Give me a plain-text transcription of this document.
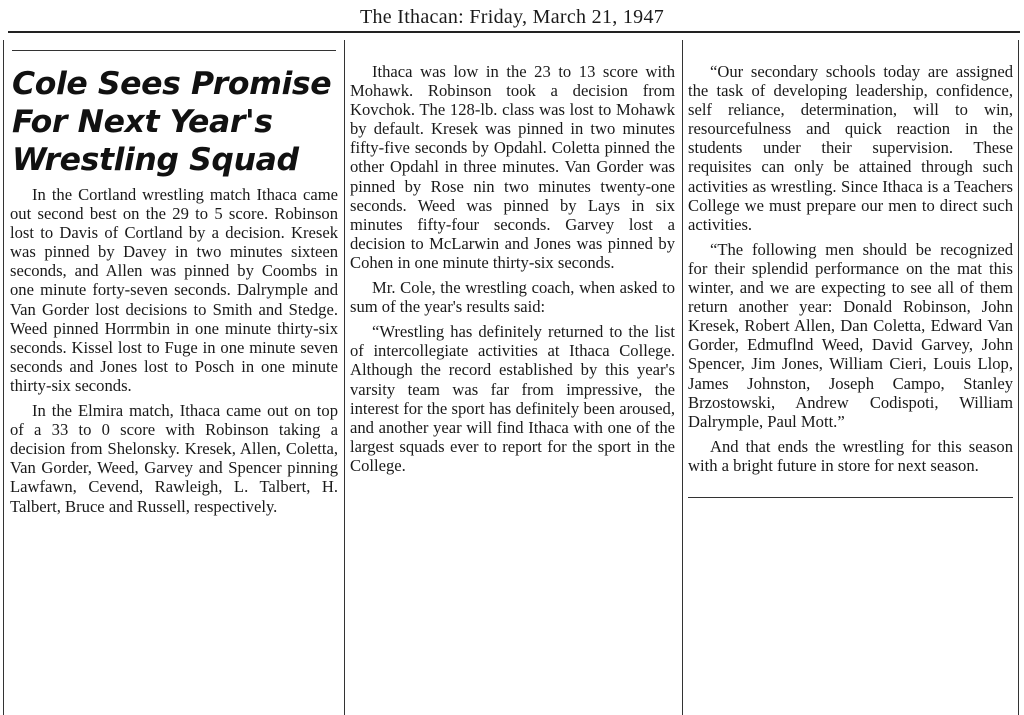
The Ithacan: Friday, March 21, 1947
Cole Sees Promise
For Next Year's
Wrestling Squad

In the Cortland wrestling match Ithaca came out second best on the 29 to 5 score. Robinson lost to Davis of Cortland by a decision. Kresek was pinned by Davey in two minutes sixteen seconds, and Allen was pinned by Coombs in one minute forty-seven seconds. Dalrymple and Van Gorder lost decisions to Smith and Stedge. Weed pinned Horrmbin in one minute thirty-six seconds. Kissel lost to Fuge in one minute seven seconds and Jones lost to Posch in one minute thirty-six seconds.

In the Elmira match, Ithaca came out on top of a 33 to 0 score with Robinson taking a decision from Shelonsky. Kresek, Allen, Coletta, Van Gorder, Weed, Garvey and Spencer pinning Lawfawn, Cevend, Rawleigh, L. Talbert, H. Talbert, Bruce and Russell, respectively.

Ithaca was low in the 23 to 13 score with Mohawk. Robinson took a decision from Kovchok. The 128-lb. class was lost to Mohawk by default. Kresek was pinned in two minutes fifty-five seconds by Opdahl. Coletta pinned the other Opdahl in three minutes. Van Gorder was pinned by Rose nin two minutes twenty-one seconds. Weed was pinned by Lays in six minutes fifty-four seconds. Garvey lost a decision to McLarwin and Jones was pinned by Cohen in one minute thirty-six seconds.

Mr. Cole, the wrestling coach, when asked to sum of the year's results said:

“Wrestling has definitely returned to the list of intercollegiate activities at Ithaca College. Although the record established by this year's varsity team was far from impressive, the interest for the sport has definitely been aroused, and another year will find Ithaca with one of the largest squads ever to report for the sport in the College.

“Our secondary schools today are assigned the task of developing leadership, confidence, self reliance, determination, will to win, resourcefulness and quick reaction in the students under their supervision. These requisites can only be attained through such activities as wrestling. Since Ithaca is a Teachers College we must prepare our men to direct such activities.

“The following men should be recognized for their splendid performance on the mat this winter, and we are expecting to see all of them return another year: Donald Robinson, John Kresek, Robert Allen, Dan Coletta, Edward Van Gorder, Edmuflnd Weed, David Garvey, John Spencer, Jim Jones, William Cieri, Louis Llop, James Johnston, Joseph Campo, Stanley Brzostowski, Andrew Codispoti, William Dalrymple, Paul Mott.”

And that ends the wrestling for this season with a bright future in store for next season.
